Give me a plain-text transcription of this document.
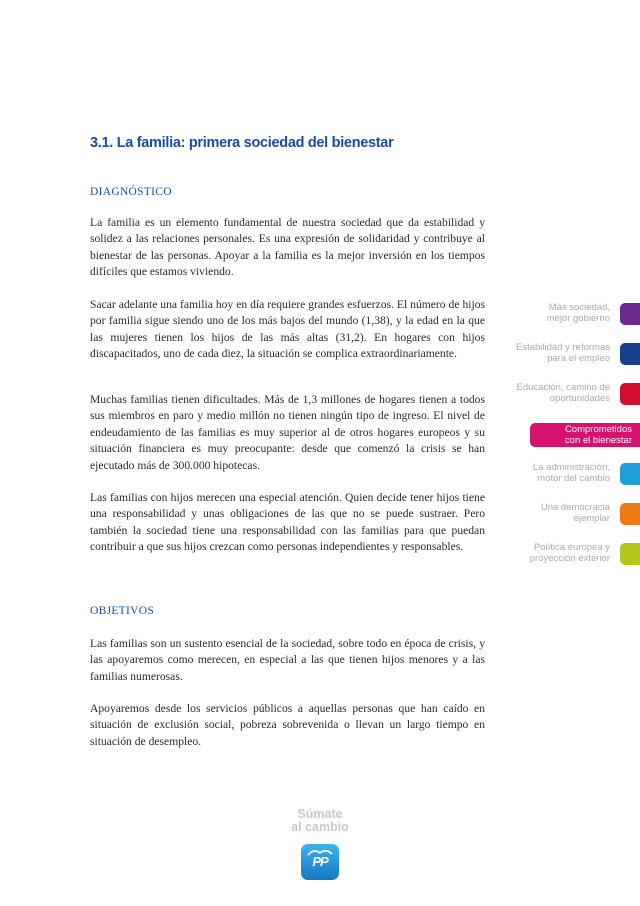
3.1. La familia: primera sociedad del bienestar
DIAGNÓSTICO

La familia es un elemento fundamental de nuestra sociedad que da estabilidad y solidez a las relaciones personales. Es una expresión de solidaridad y contribuye al bienestar de las personas. Apoyar a la familia es la mejor inversión en los tiempos difíciles que estamos viviendo.

Sacar adelante una familia hoy en día requiere grandes esfuerzos. El número de hijos por familia sigue siendo uno de los más bajos del mundo (1,38), y la edad en la que las mujeres tienen los hijos de las más altas (31,2). En hogares con hijos discapacitados, uno de cada diez, la situación se complica extraordinariamente.

Muchas familias tienen dificultades. Más de 1,3 millones de hogares tienen a todos sus miembros en paro y medio millón no tienen ningún tipo de ingreso. El nivel de endeudamiento de las familias es muy superior al de otros hogares europeos y su situación financiera es muy preocupante: desde que comenzó la crisis se han ejecutado más de 300.000 hipotecas.

Las familias con hijos merecen una especial atención. Quien decide tener hijos tiene una responsabilidad y unas obligaciones de las que no se puede sustraer. Pero también la sociedad tiene una responsabilidad con las familias para que puedan contribuir a que sus hijos crezcan como personas independientes y responsables.

OBJETIVOS

Las familias son un sustento esencial de la sociedad, sobre todo en época de crisis, y las apoyaremos como merecen, en especial a las que tienen hijos menores y a las familias numerosas.

Apoyaremos desde los servicios públicos a aquellas personas que han caído en situación de exclusión social, pobreza sobrevenida o llevan un largo tiempo en situación de desempleo.

Más sociedad,
mejor gobierno
Estabilidad y reformas
para el empleo
Educación, camino de
oportunidades
Comprometidos
con el bienestar
La administración,
motor del cambio
Una democracia
ejemplar
Política europea y
proyección exterior
Súmate
al cambio
PP
